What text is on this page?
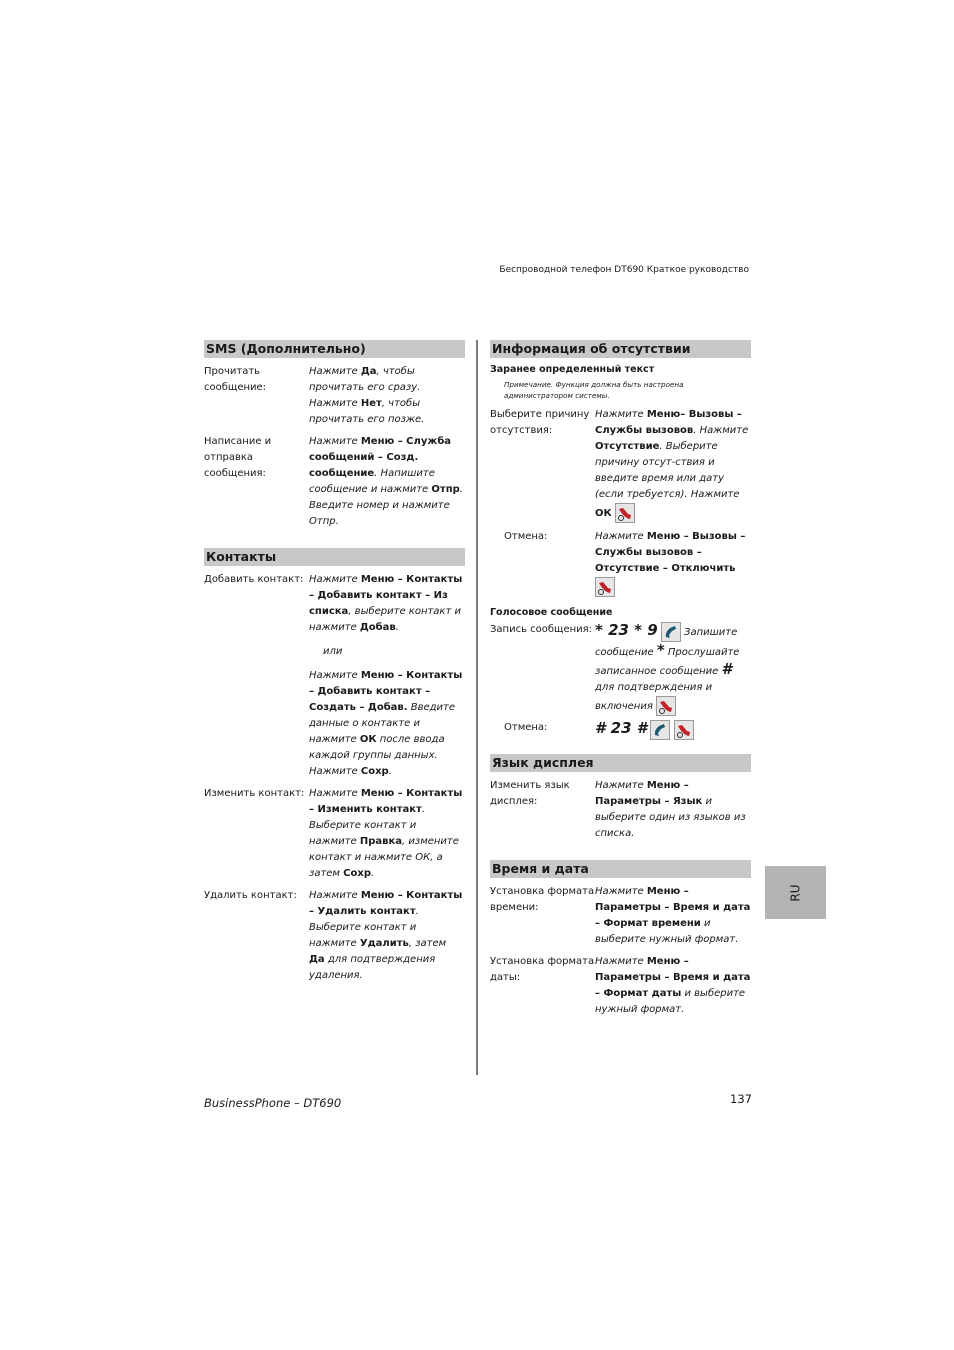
Беспроводной телефон DT690 Краткое руководство
SMS (Дополнительно)
Прочитать сообщение:
Нажмите Да, чтобы прочитать его сразу. Нажмите Нет, чтобы прочитать его позже.
Написание и отправка сообщения:
Нажмите Меню – Служба сообщений – Созд. сообщение. Напишите сообщение и нажмите Отпр. Введите номер и нажмите Отпр.
Контакты
Добавить контакт: Нажмите Меню – Контакты – Добавить контакт – Из списка, выберите контакт и нажмите Добав.
или
Нажмите Меню – Контакты – Добавить контакт – Создать – Добав. Введите данные о контакте и нажмите ОК после ввода каждой группы данных. Нажмите Сохр.
Изменить контакт: Нажмите Меню – Контакты – Изменить контакт. Выберите контакт и нажмите Правка, измените контакт и нажмите ОК, а затем Сохр.
Удалить контакт:	Нажмите Меню – Контакты – Удалить контакт. Выберите контакт и нажмите Удалить, затем Да для подтверждения удаления.
Информация об отсутствии
Заранее определенный текст
Примечание. Функция должна быть настроена администратором системы.
Выберите причину отсутствия:
Нажмите Меню– Вызовы – Службы вызовов. Нажмите Отсутствие. Выберите причину отсут-ствия и введите время или дату (если требуется). Нажмите ОК
Отмена:	Нажмите Меню – Вызовы – Службы вызовов – Отсутствие – Отключить
Голосовое сообщение
Запись сообщения: * 23 * 9	Запишите сообщение * Прослушайте записанное сообщение # для подтверждения и включения
Отмена:	# 23 #

Язык дисплея
Изменить язык дисплея:
Нажмите Меню – Параметры – Язык и выберите один из языков из списка.
Время и дата
Установка формата времени:
Нажмите Меню – Параметры – Время и дата – Формат времени и выберите нужный формат.
Установка формата даты:
Нажмите Меню – Параметры – Время и дата – Формат даты и выберите нужный формат.
RU
BusinessPhone – DT690	137
